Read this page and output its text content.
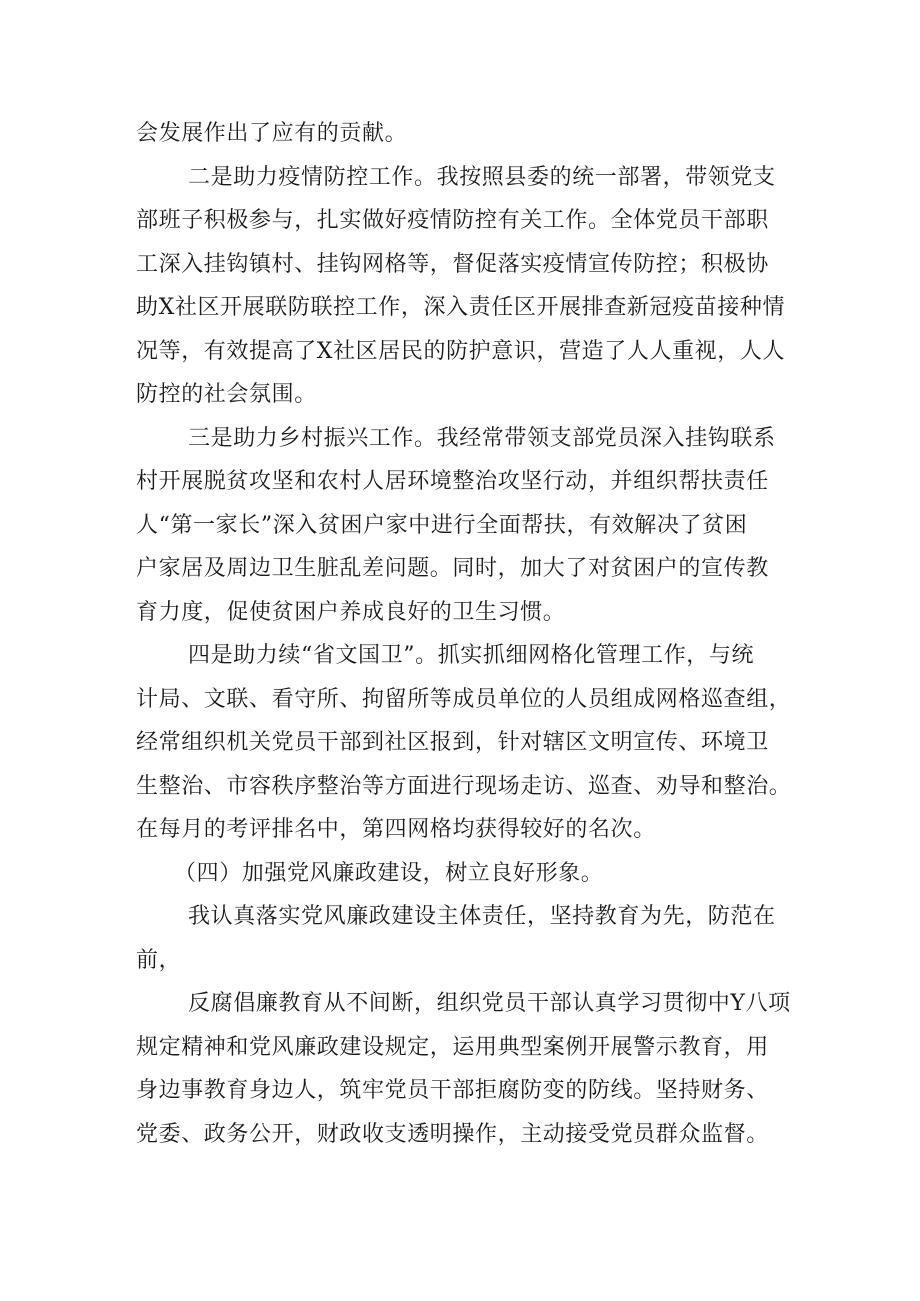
会发展作出了应有的贡献。

二是助力疫情防控工作。我按照县委的统一部署，带领党支
部班子积极参与，扎实做好疫情防控有关工作。全体党员干部职
工深入挂钩镇村、挂钩网格等，督促落实疫情宣传防控；积极协
助X社区开展联防联控工作，深入责任区开展排查新冠疫苗接种情
况等，有效提高了X社区居民的防护意识，营造了人人重视，人人
防控的社会氛围。

三是助力乡村振兴工作。我经常带领支部党员深入挂钩联系
村开展脱贫攻坚和农村人居环境整治攻坚行动，并组织帮扶责任
人“第一家长”深入贫困户家中进行全面帮扶，有效解决了贫困
户家居及周边卫生脏乱差问题。同时，加大了对贫困户的宣传教
育力度，促使贫困户养成良好的卫生习惯。

四是助力续“省文国卫”。抓实抓细网格化管理工作，与统
计局、文联、看守所、拘留所等成员单位的人员组成网格巡查组，
经常组织机关党员干部到社区报到，针对辖区文明宣传、环境卫
生整治、市容秩序整治等方面进行现场走访、巡查、劝导和整治。
在每月的考评排名中，第四网格均获得较好的名次。

（四）加强党风廉政建设，树立良好形象。

我认真落实党风廉政建设主体责任，坚持教育为先，防范在
前，

反腐倡廉教育从不间断，组织党员干部认真学习贯彻中Y八项
规定精神和党风廉政建设规定，运用典型案例开展警示教育，用
身边事教育身边人，筑牢党员干部拒腐防变的防线。坚持财务、
党委、政务公开，财政收支透明操作，主动接受党员群众监督。
